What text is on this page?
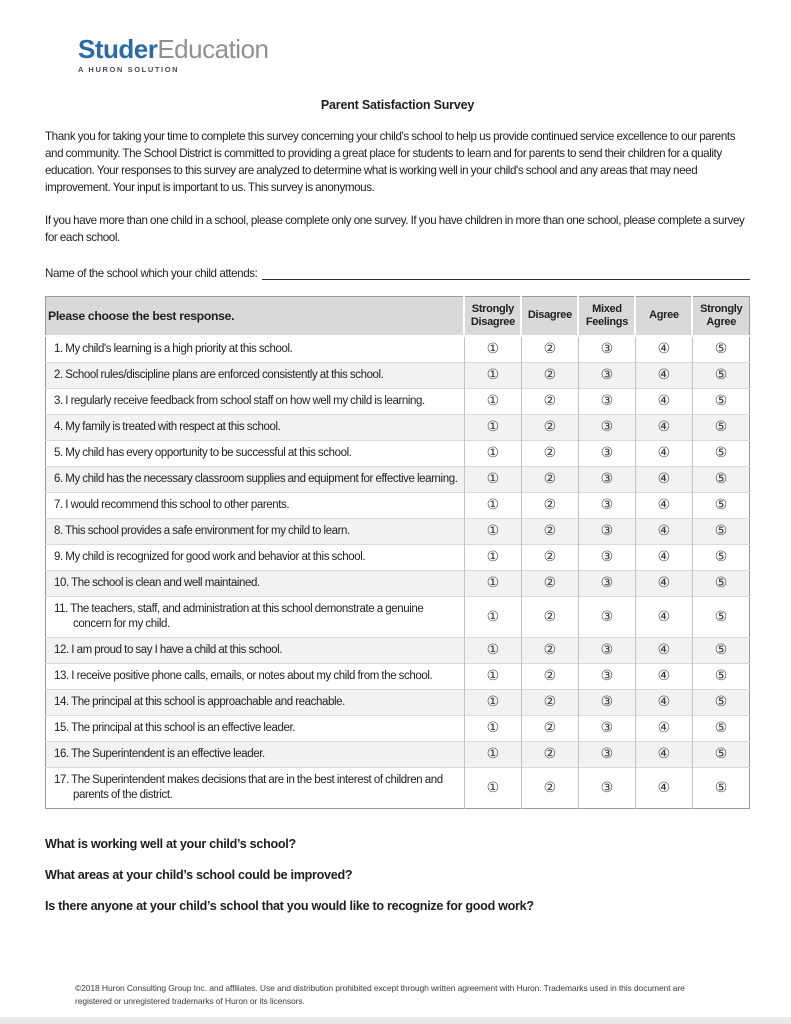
StuderEducation
A HURON SOLUTION
Parent Satisfaction Survey

Thank you for taking your time to complete this survey concerning your child's school to help us provide continued service excellence to our parents and community. The School District is committed to providing a great place for students to learn and for parents to send their children for a quality education. Your responses to this survey are analyzed to determine what is working well in your child's school and any areas that may need improvement. Your input is important to us. This survey is anonymous.

If you have more than one child in a school, please complete only one survey. If you have children in more than one school, please complete a survey for each school.

Name of the school which your child attends:
Please choose the best response.	Strongly Disagree	Disagree	Mixed Feelings	Agree	Strongly Agree

1. My child's learning is a high priority at this school.	①	②	③	④	⑤

2. School rules/discipline plans are enforced consistently at this school.	①	②	③	④	⑤

3. I regularly receive feedback from school staff on how well my child is learning.	①	②	③	④	⑤

4. My family is treated with respect at this school.	①	②	③	④	⑤

5. My child has every opportunity to be successful at this school.	①	②	③	④	⑤

6. My child has the necessary classroom supplies and equipment for effective learning.	①	②	③	④	⑤

7. I would recommend this school to other parents.	①	②	③	④	⑤

8. This school provides a safe environment for my child to learn.	①	②	③	④	⑤

9. My child is recognized for good work and behavior at this school.	①	②	③	④	⑤

10. The school is clean and well maintained.	①	②	③	④	⑤

11. The teachers, staff, and administration at this school demonstrate a genuine concern for my child.	①	②	③	④	⑤

12. I am proud to say I have a child at this school.	①	②	③	④	⑤

13. I receive positive phone calls, emails, or notes about my child from the school.	①	②	③	④	⑤

14. The principal at this school is approachable and reachable.	①	②	③	④	⑤

15. The principal at this school is an effective leader.	①	②	③	④	⑤

16. The Superintendent is an effective leader.	①	②	③	④	⑤

17. The Superintendent makes decisions that are in the best interest of children and parents of the district.	①	②	③	④	⑤
What is working well at your child’s school?
What areas at your child’s school could be improved?
Is there anyone at your child’s school that you would like to recognize for good work?
©2018 Huron Consulting Group Inc. and affiliates. Use and distribution prohibited except through written agreement with Huron. Trademarks used in this document are registered or unregistered trademarks of Huron or its licensors.
